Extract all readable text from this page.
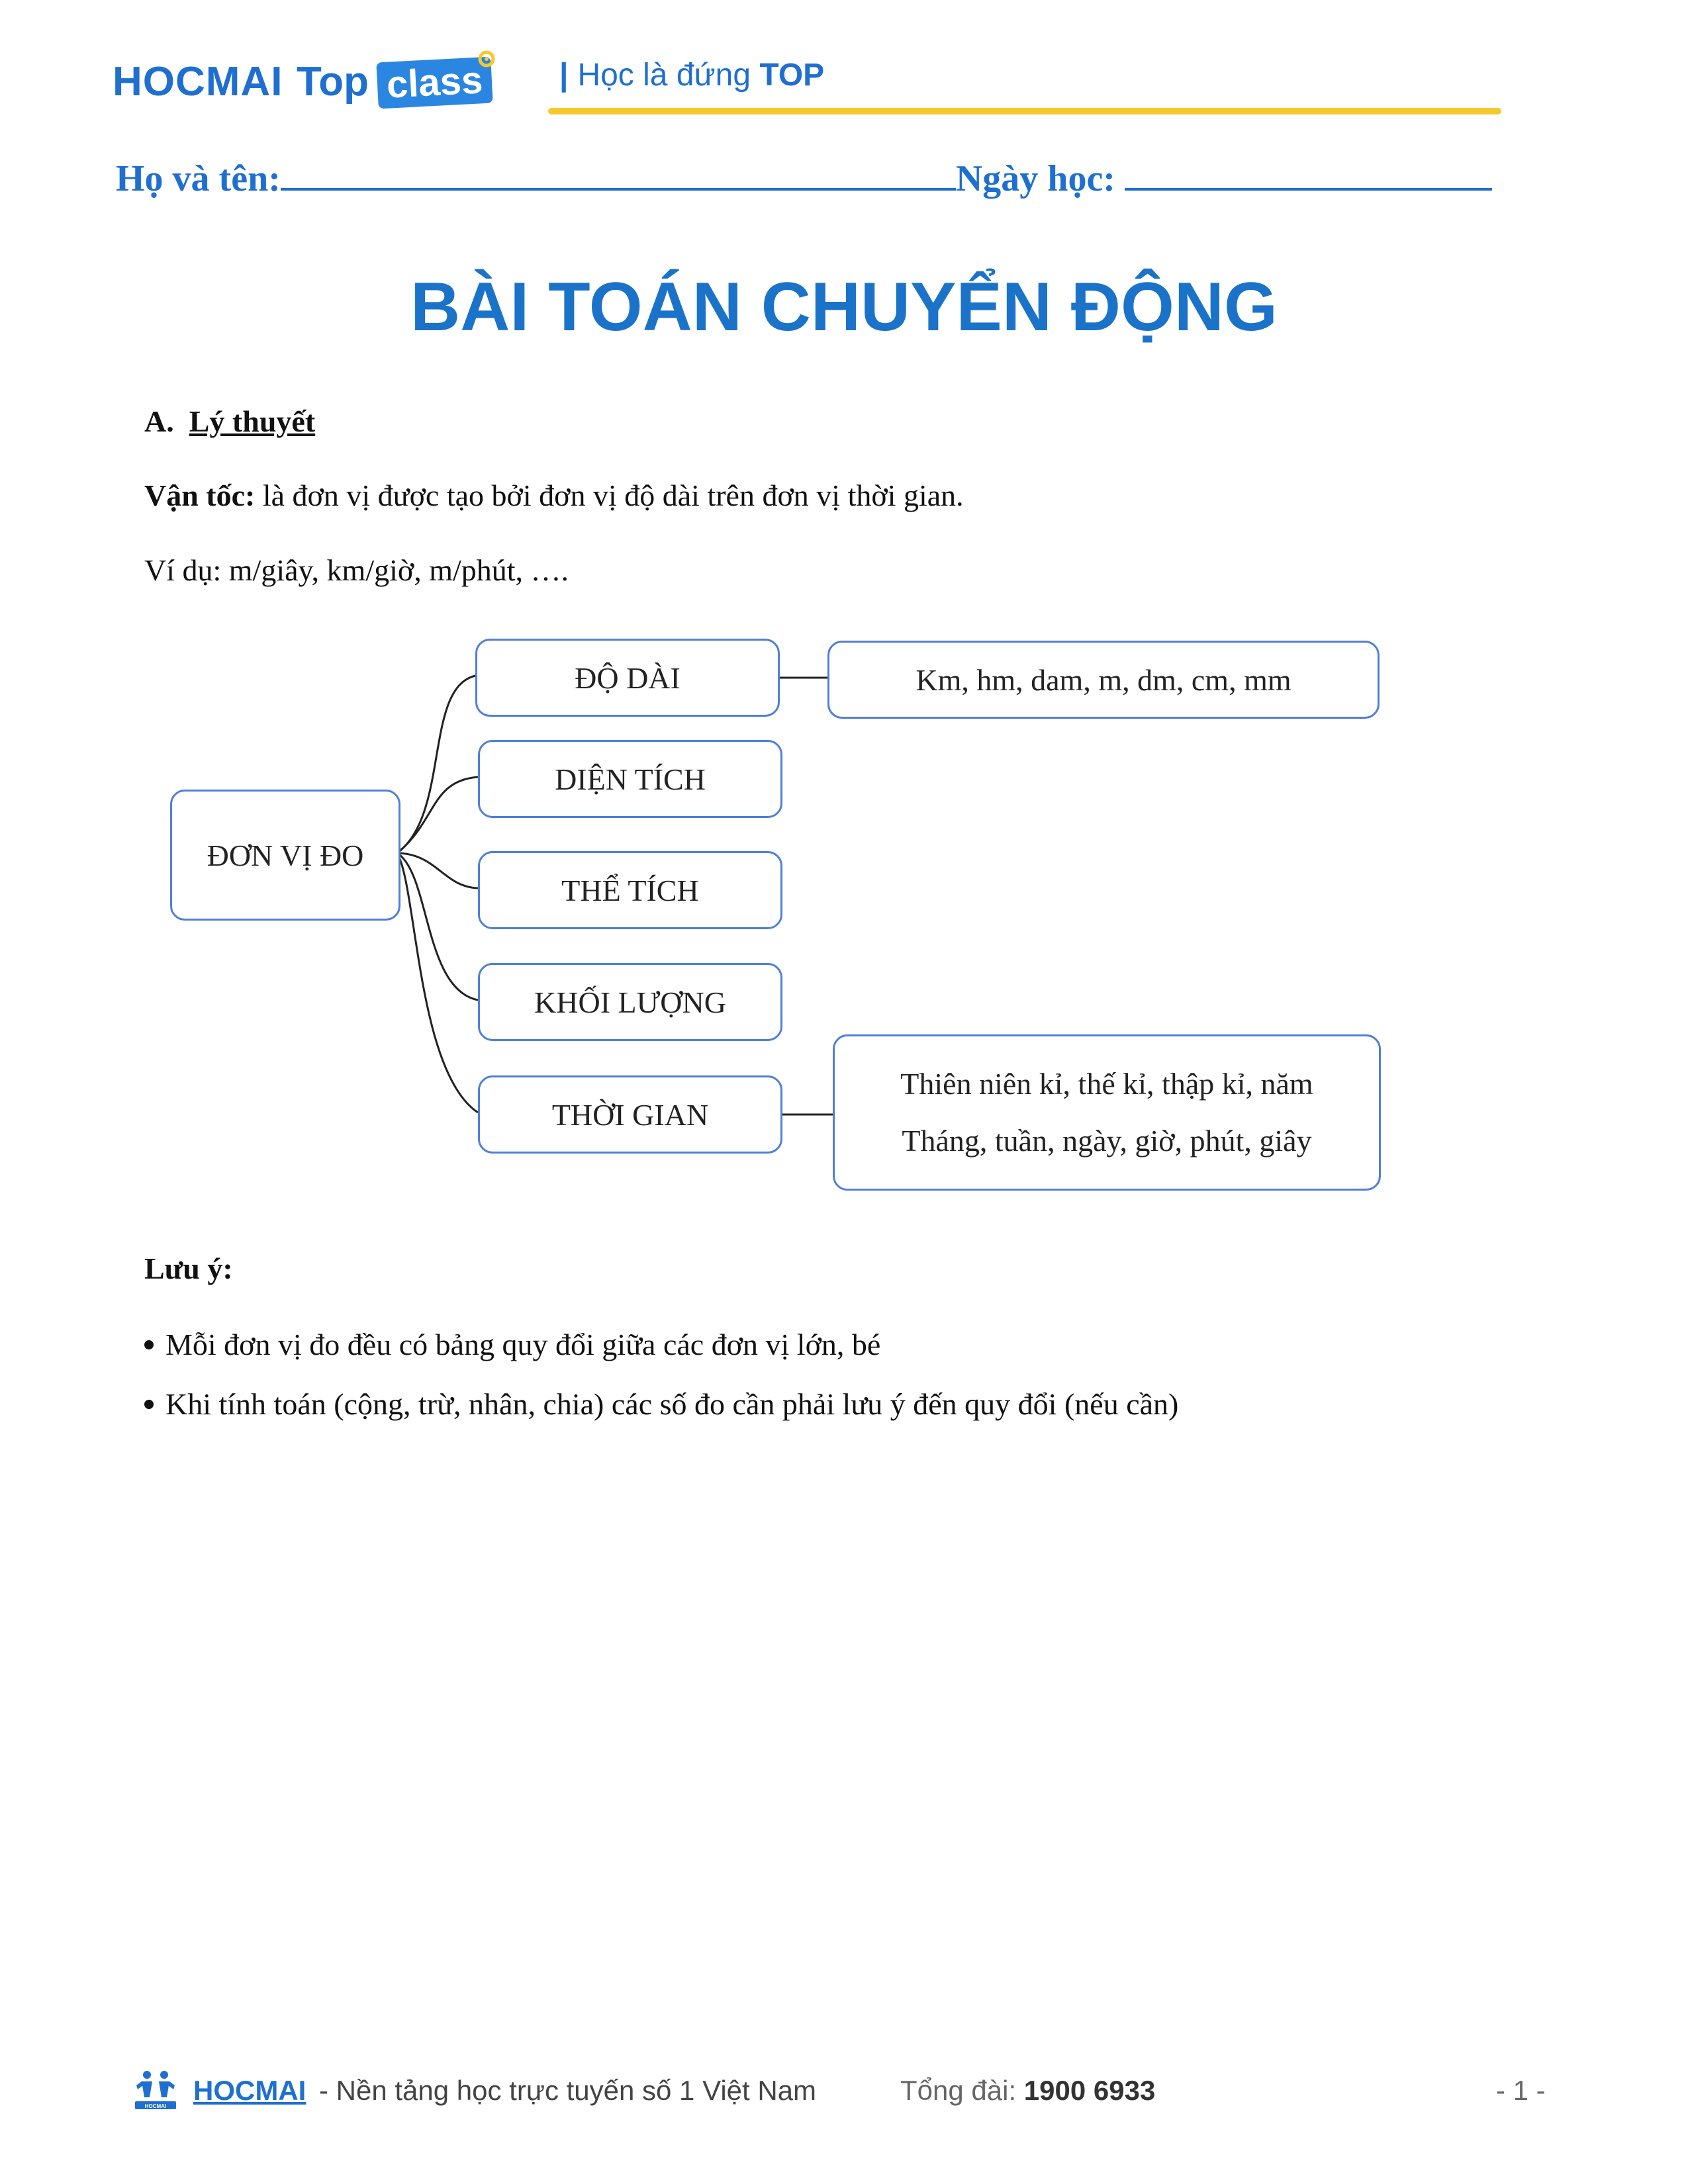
HOCMAI Top class | Học là đứng TOP
Họ và tên:	Ngày học:
BÀI TOÁN CHUYỂN ĐỘNG
A. Lý thuyết
Vận tốc: là đơn vị được tạo bởi đơn vị độ dài trên đơn vị thời gian.
Ví dụ: m/giây, km/giờ, m/phút, ….
ĐƠN VỊ ĐO
ĐỘ DÀI
DIỆN TÍCH
THỂ TÍCH
KHỐI LƯỢNG
THỜI GIAN
Km, hm, dam, m, dm, cm, mm
Thiên niên kỉ, thế kỉ, thập kỉ, năm
Tháng, tuần, ngày, giờ, phút, giây
Lưu ý:
Mỗi đơn vị đo đều có bảng quy đổi giữa các đơn vị lớn, bé
Khi tính toán (cộng, trừ, nhân, chia) các số đo cần phải lưu ý đến quy đổi (nếu cần)
HOCMAI
HOCMAI - Nền tảng học trực tuyến số 1 Việt Nam	Tổng đài: 1900 6933	- 1 -
